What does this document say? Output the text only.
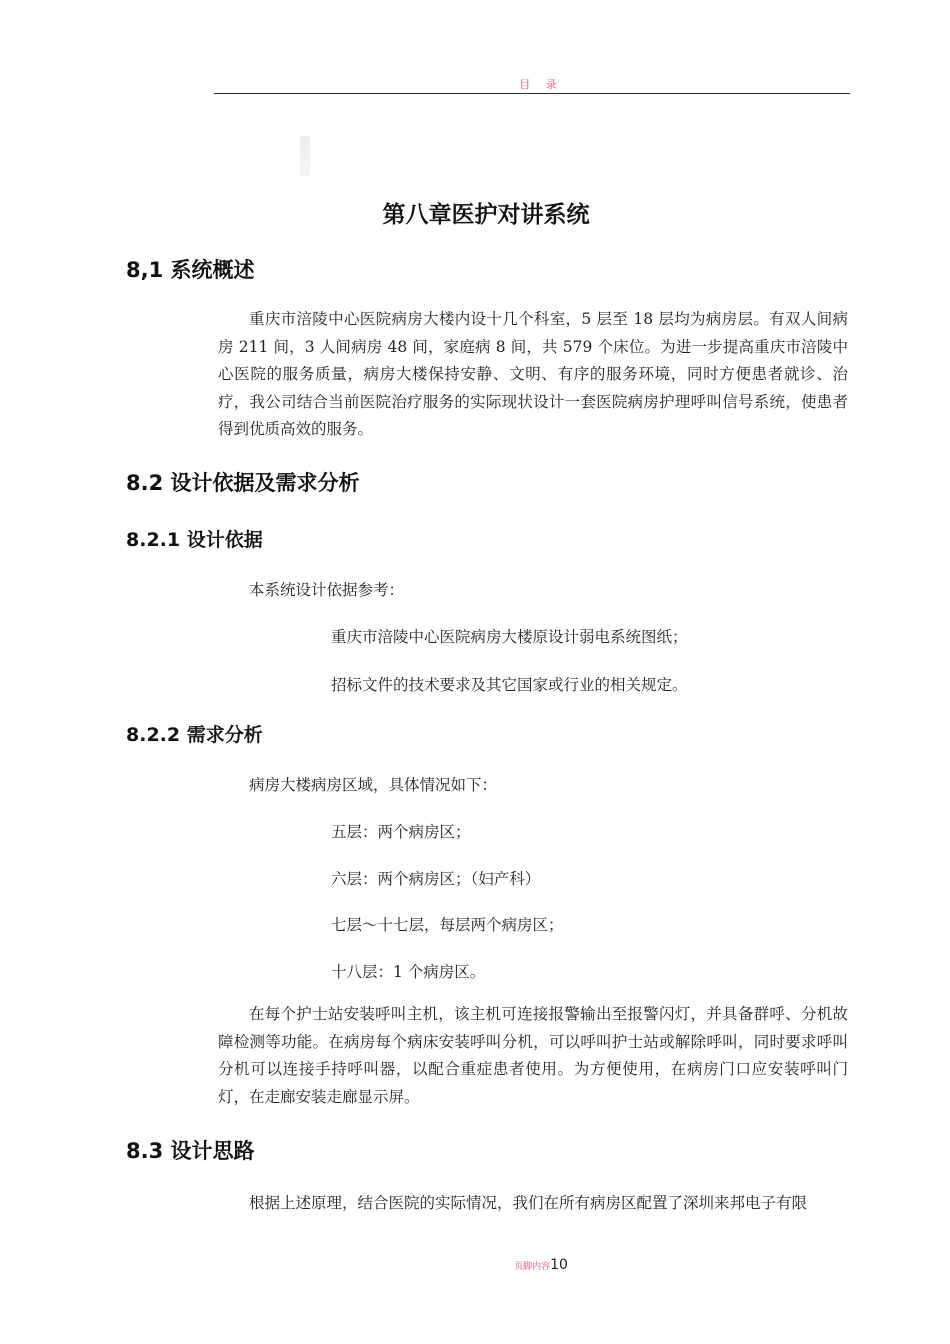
目 录
第八章医护对讲系统
8,1 系统概述

重庆市涪陵中心医院病房大楼内设十几个科室，5 层至 18 层均为病房层。有双人间病房 211 间，3 人间病房 48 间，家庭病 8 间，共 579 个床位。为进一步提高重庆市涪陵中心医院的服务质量，病房大楼保持安静、文明、有序的服务环境，同时方便患者就诊、治疗，我公司结合当前医院治疗服务的实际现状设计一套医院病房护理呼叫信号系统，使患者得到优质高效的服务。

8.2 设计依据及需求分析
8.2.1 设计依据
本系统设计依据参考：
重庆市涪陵中心医院病房大楼原设计弱电系统图纸；
招标文件的技术要求及其它国家或行业的相关规定。
8.2.2 需求分析
病房大楼病房区域，具体情况如下：
五层：两个病房区；
六层：两个病房区；（妇产科）
七层～十七层，每层两个病房区；
十八层：1 个病房区。

在每个护士站安装呼叫主机，该主机可连接报警输出至报警闪灯，并具备群呼、分机故障检测等功能。在病房每个病床安装呼叫分机，可以呼叫护士站或解除呼叫，同时要求呼叫分机可以连接手持呼叫器，以配合重症患者使用。为方便使用，在病房门口应安装呼叫门灯，在走廊安装走廊显示屏。

8.3 设计思路
根据上述原理，结合医院的实际情况，我们在所有病房区配置了深圳来邦电子有限
页脚内容10
